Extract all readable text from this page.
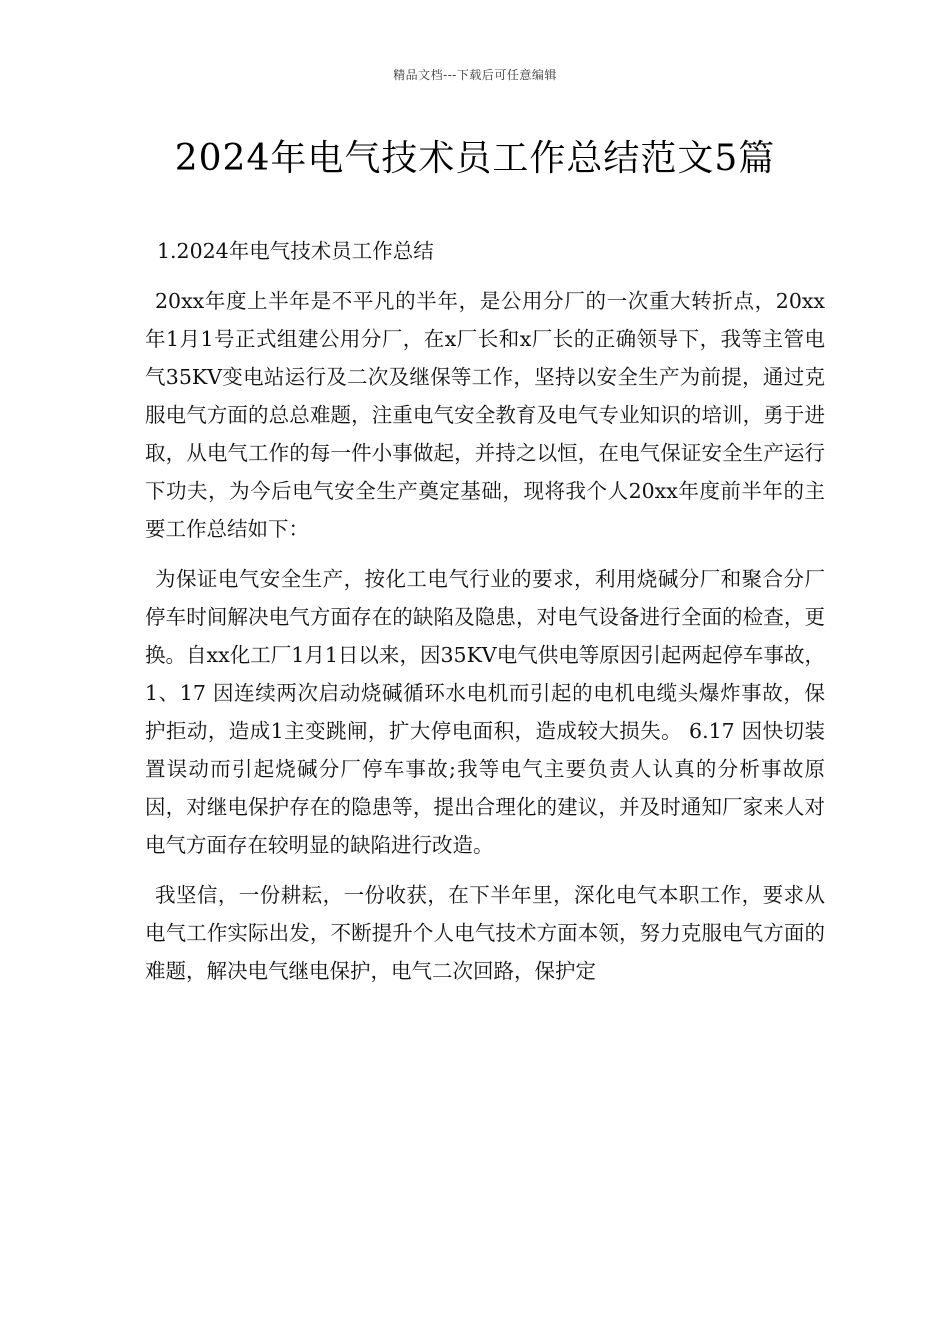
精品文档---下载后可任意编辑
2024年电气技术员工作总结范文5篇
1.2024年电气技术员工作总结

20xx年度上半年是不平凡的半年，是公用分厂的一次重大转折点，20xx年1月1号正式组建公用分厂，在x厂长和x厂长的正确领导下，我等主管电气35KV变电站运行及二次及继保等工作，坚持以安全生产为前提，通过克服电气方面的总总难题，注重电气安全教育及电气专业知识的培训，勇于进取，从电气工作的每一件小事做起，并持之以恒，在电气保证安全生产运行下功夫，为今后电气安全生产奠定基础，现将我个人20xx年度前半年的主要工作总结如下：

为保证电气安全生产，按化工电气行业的要求，利用烧碱分厂和聚合分厂停车时间解决电气方面存在的缺陷及隐患，对电气设备进行全面的检查，更换。自xx化工厂1月1日以来，因35KV电气供电等原因引起两起停车事故， 1、17 因连续两次启动烧碱循环水电机而引起的电机电缆头爆炸事故，保护拒动，造成1主变跳闸，扩大停电面积，造成较大损失。 6.17 因快切装置误动而引起烧碱分厂停车事故;我等电气主要负责人认真的分析事故原因，对继电保护存在的隐患等，提出合理化的建议，并及时通知厂家来人对电气方面存在较明显的缺陷进行改造。

我坚信，一份耕耘，一份收获，在下半年里，深化电气本职工作，要求从电气工作实际出发，不断提升个人电气技术方面本领，努力克服电气方面的难题，解决电气继电保护，电气二次回路，保护定
